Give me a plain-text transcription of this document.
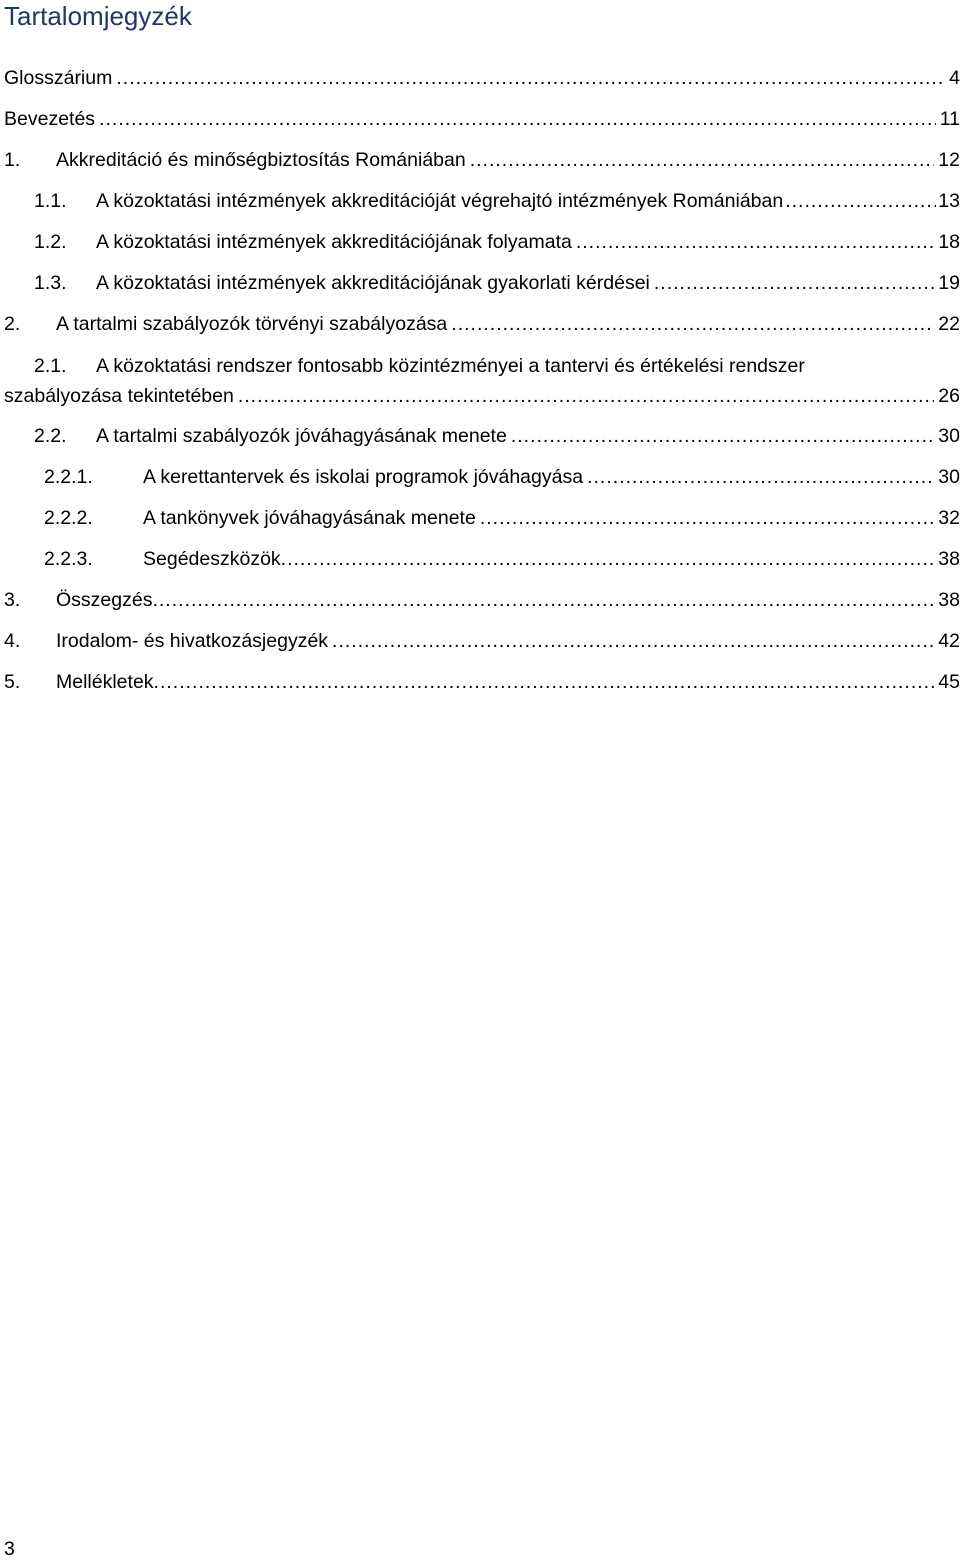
Tartalomjegyzék
Glosszárium .....	4
Bevezetés .....	11
1.	Akkreditáció és minőségbiztosítás Romániában .....	12
1.1.	A közoktatási intézmények akkreditációját végrehajtó intézmények Romániában .....	13
1.2.	A közoktatási intézmények akkreditációjának folyamata .....	18
1.3.	A közoktatási intézmények akkreditációjának gyakorlati kérdései .....	19
2.	A tartalmi szabályozók törvényi szabályozása .....	22
2.1.	A közoktatási rendszer fontosabb közintézményei a tantervi és értékelési rendszer
szabályozása tekintetében .....	26
2.2.	A tartalmi szabályozók jóváhagyásának menete .....	30
2.2.1.	A kerettantervek és iskolai programok jóváhagyása .....	30
2.2.2.	A tankönyvek jóváhagyásának menete .....	32
2.2.3.	Segédeszközök .....	38
3.	Összegzés .....	38
4.	Irodalom- és hivatkozásjegyzék .....	42
5.	Mellékletek .....	45
3
